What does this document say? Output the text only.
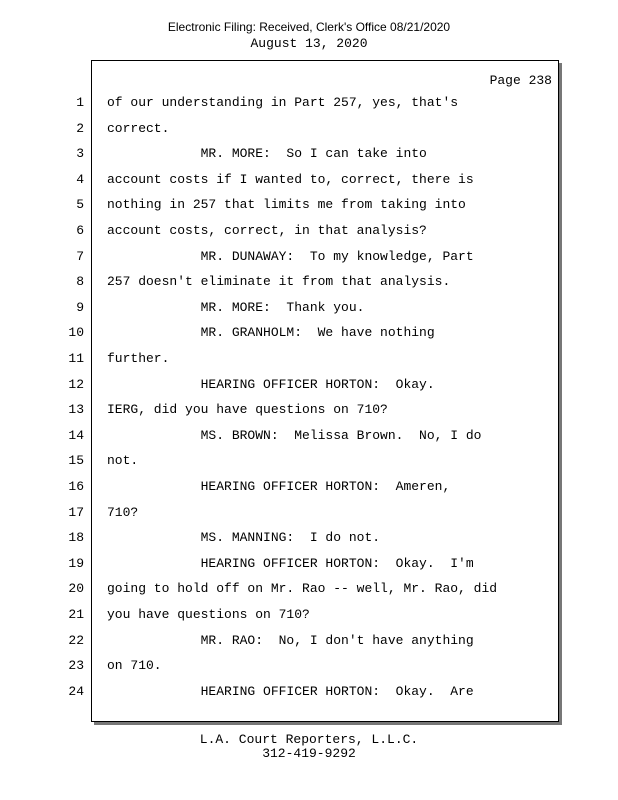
Electronic Filing: Received, Clerk's Office 08/21/2020
August 13, 2020
Page 238
1 of our understanding in Part 257, yes, that's
2 correct.
3 MR. MORE:  So I can take into
4 account costs if I wanted to, correct, there is
5 nothing in 257 that limits me from taking into
6 account costs, correct, in that analysis?
7 MR. DUNAWAY:  To my knowledge, Part
8 257 doesn't eliminate it from that analysis.
9 MR. MORE:  Thank you.
10 MR. GRANHOLM:  We have nothing
11 further.
12 HEARING OFFICER HORTON:  Okay.
13 IERG, did you have questions on 710?
14 MS. BROWN:  Melissa Brown.  No, I do
15 not.
16 HEARING OFFICER HORTON:  Ameren,
17 710?
18 MS. MANNING:  I do not.
19 HEARING OFFICER HORTON:  Okay.  I'm
20 going to hold off on Mr. Rao -- well, Mr. Rao, did
21 you have questions on 710?
22 MR. RAO:  No, I don't have anything
23 on 710.
24 HEARING OFFICER HORTON:  Okay.  Are
L.A. Court Reporters, L.L.C.
312-419-9292
